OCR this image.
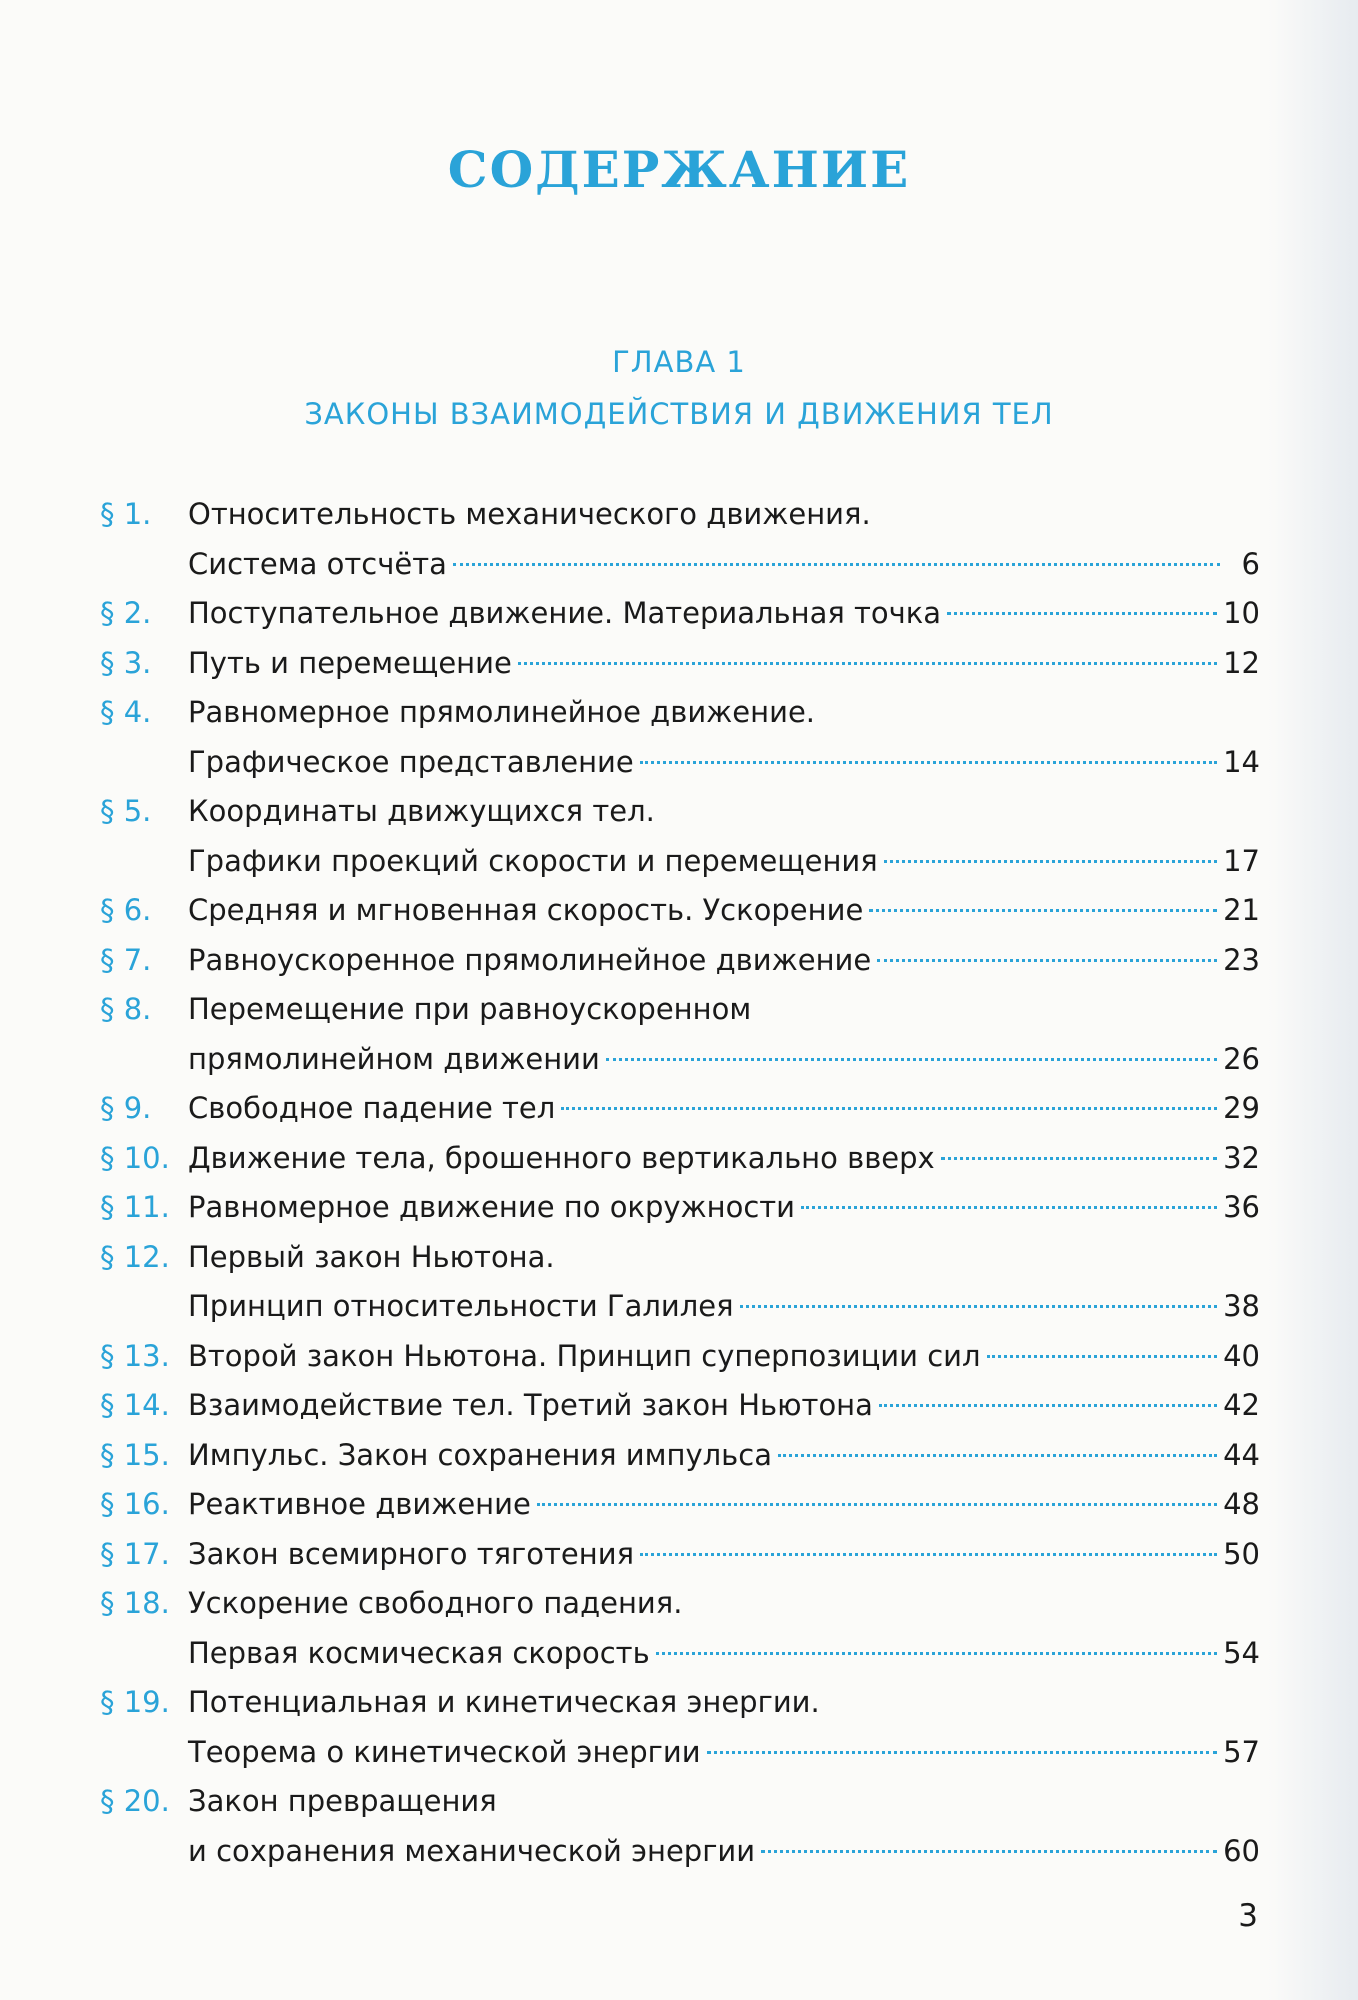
СОДЕРЖАНИЕ
ГЛАВА 1
ЗАКОНЫ ВЗАИМОДЕЙСТВИЯ И ДВИЖЕНИЯ ТЕЛ
§ 1.	Относительность механического движения.
Система отсчёта	6
§ 2.	Поступательное движение. Материальная точка	10
§ 3.	Путь и перемещение	12
§ 4.	Равномерное прямолинейное движение.
Графическое представление	14
§ 5.	Координаты движущихся тел.
Графики проекций скорости и перемещения	17
§ 6.	Средняя и мгновенная скорость. Ускорение	21
§ 7.	Равноускоренное прямолинейное движение	23
§ 8.	Перемещение при равноускоренном
прямолинейном движении	26
§ 9.	Свободное падение тел	29
§ 10. Движение тела, брошенного вертикально вверх	32
§ 11. Равномерное движение по окружности	36
§ 12. Первый закон Ньютона.
Принцип относительности Галилея	38
§ 13. Второй закон Ньютона. Принцип суперпозиции сил	40
§ 14. Взаимодействие тел. Третий закон Ньютона	42
§ 15. Импульс. Закон сохранения импульса	44
§ 16. Реактивное движение	48
§ 17. Закон всемирного тяготения	50
§ 18. Ускорение свободного падения.
Первая космическая скорость	54
§ 19. Потенциальная и кинетическая энергии.
Теорема о кинетической энергии	57
§ 20. Закон превращения
и сохранения механической энергии	60
3
